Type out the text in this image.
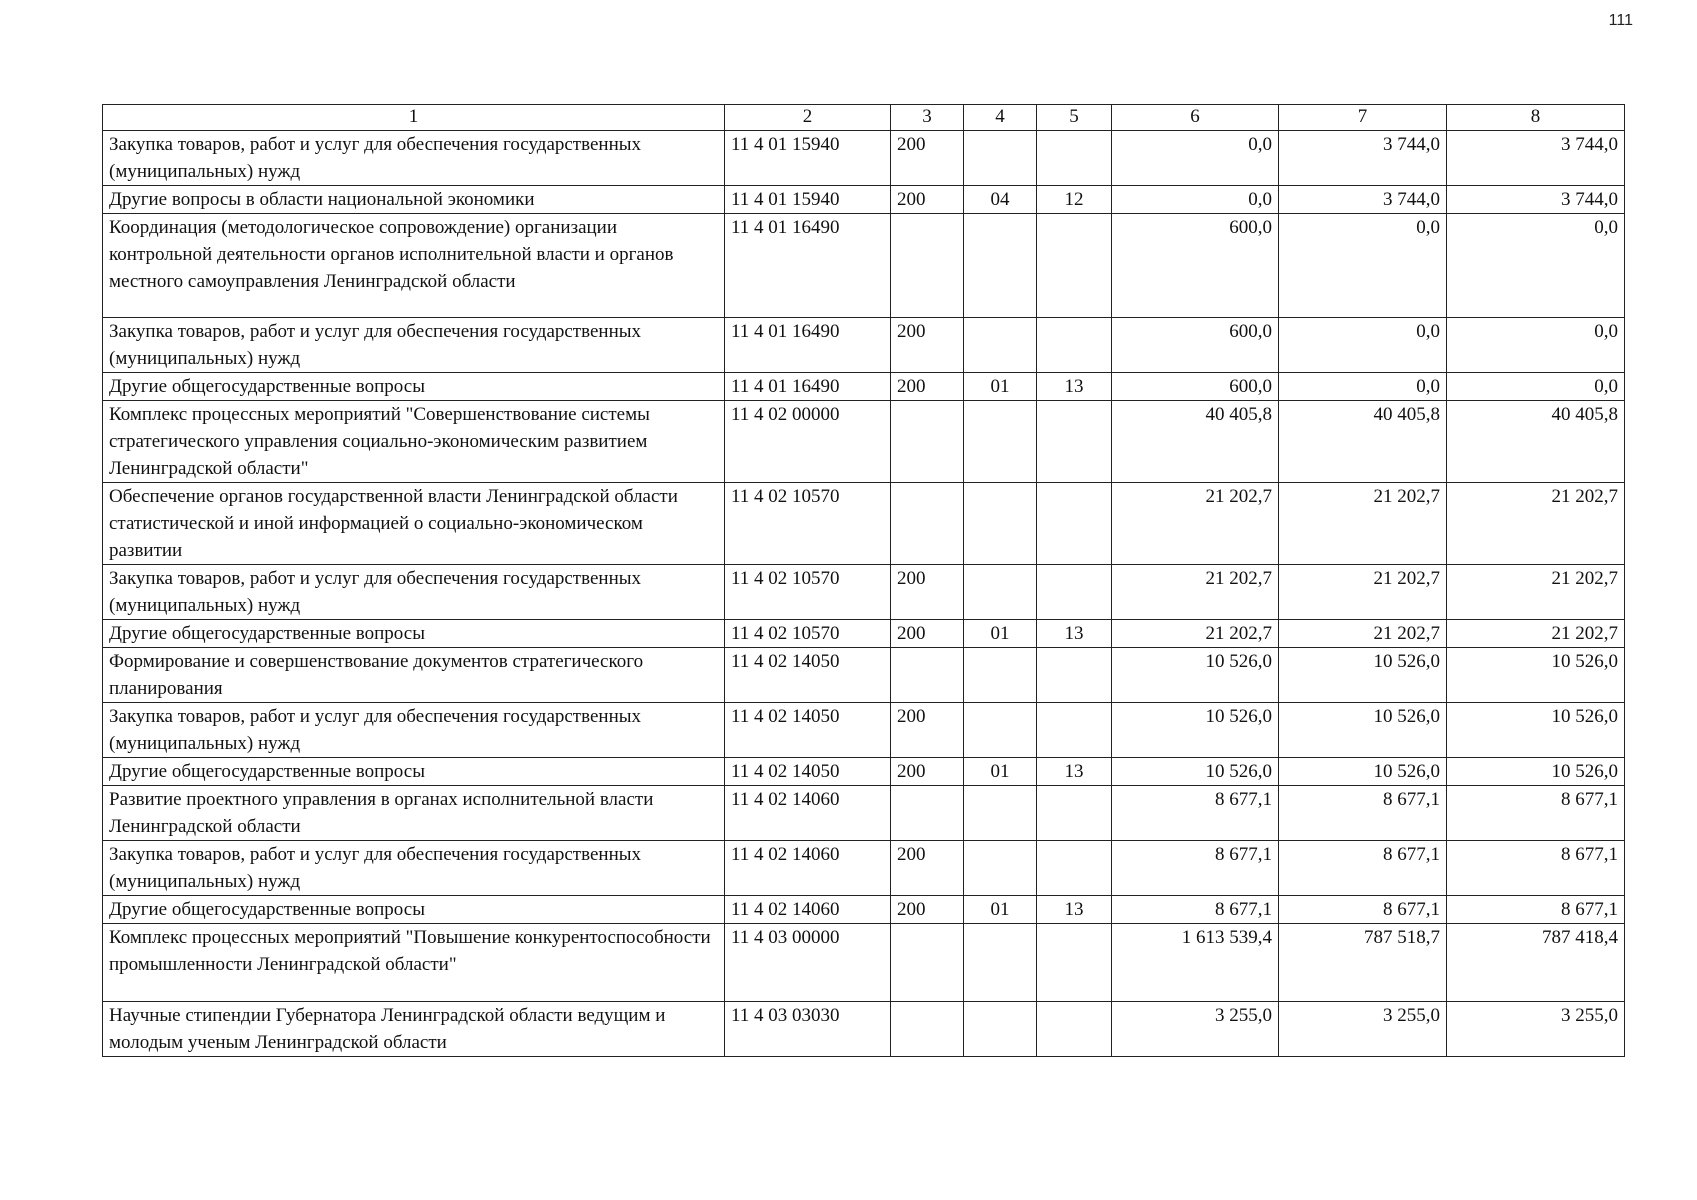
111
1	2	3	4	5	6	7	8
Закупка товаров, работ и услуг для обеспечения государственных (муниципальных) нужд	11 4 01 15940	200			0,0	3 744,0	3 744,0
Другие вопросы в области национальной экономики	11 4 01 15940	200	04	12	0,0	3 744,0	3 744,0
Координация (методологическое сопровождение) организации контрольной деятельности органов исполнительной власти и органов местного самоуправления Ленинградской области	11 4 01 16490				600,0	0,0	0,0
Закупка товаров, работ и услуг для обеспечения государственных (муниципальных) нужд	11 4 01 16490	200			600,0	0,0	0,0
Другие общегосударственные вопросы	11 4 01 16490	200	01	13	600,0	0,0	0,0
Комплекс процессных мероприятий "Совершенствование системы стратегического управления социально-экономическим развитием Ленинградской области"	11 4 02 00000				40 405,8	40 405,8	40 405,8
Обеспечение органов государственной власти Ленинградской области статистической и иной информацией о социально-экономическом развитии	11 4 02 10570				21 202,7	21 202,7	21 202,7
Закупка товаров, работ и услуг для обеспечения государственных (муниципальных) нужд	11 4 02 10570	200			21 202,7	21 202,7	21 202,7
Другие общегосударственные вопросы	11 4 02 10570	200	01	13	21 202,7	21 202,7	21 202,7
Формирование и совершенствование документов стратегического планирования	11 4 02 14050				10 526,0	10 526,0	10 526,0
Закупка товаров, работ и услуг для обеспечения государственных (муниципальных) нужд	11 4 02 14050	200			10 526,0	10 526,0	10 526,0
Другие общегосударственные вопросы	11 4 02 14050	200	01	13	10 526,0	10 526,0	10 526,0
Развитие проектного управления в органах исполнительной власти Ленинградской области	11 4 02 14060				8 677,1	8 677,1	8 677,1
Закупка товаров, работ и услуг для обеспечения государственных (муниципальных) нужд	11 4 02 14060	200			8 677,1	8 677,1	8 677,1
Другие общегосударственные вопросы	11 4 02 14060	200	01	13	8 677,1	8 677,1	8 677,1
Комплекс процессных мероприятий "Повышение конкурентоспособности промышленности Ленинградской области"	11 4 03 00000				1 613 539,4	787 518,7	787 418,4
Научные стипендии Губернатора Ленинградской области ведущим и молодым ученым Ленинградской области	11 4 03 03030				3 255,0	3 255,0	3 255,0
